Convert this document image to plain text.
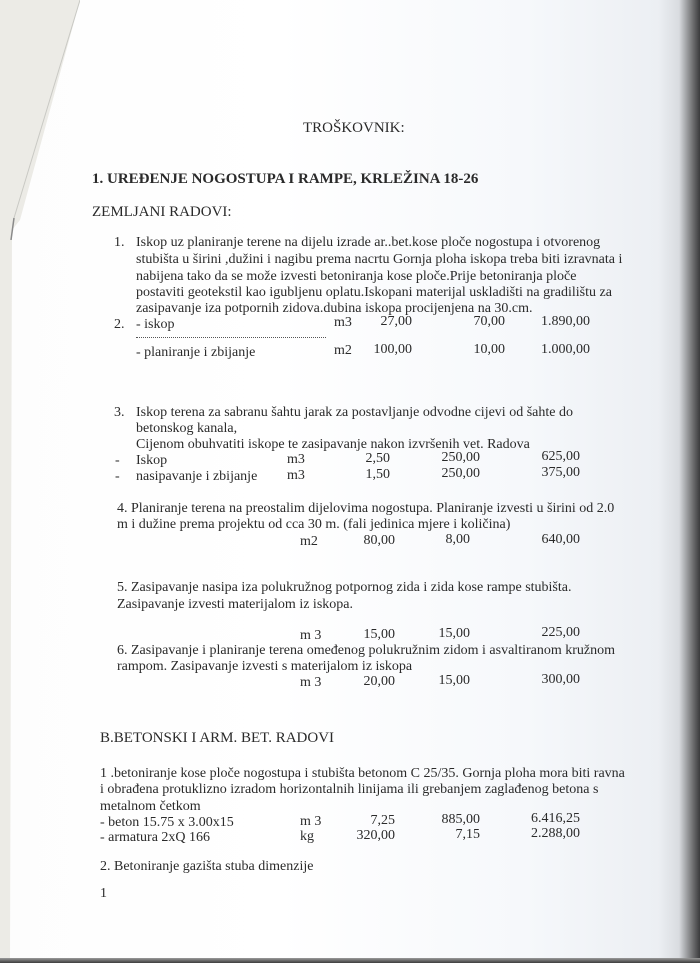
TROŠKOVNIK:
1. UREĐENJE NOGOSTUPA I RAMPE, KRLEŽINA 18-26
ZEMLJANI RADOVI:
1. Iskop uz planiranje terene na dijelu izrade ar..bet.kose ploče nogostupa i otvorenog
stubišta u širini ,dužini i nagibu prema nacrtu Gornja ploha iskopa treba biti izravnata i
nabijena tako da se može izvesti betoniranja kose ploče.Prije betoniranja ploče
postaviti geotekstil kao igubljenu oplatu.Iskopani materijal uskladišti na gradilištu za
zasipavanje iza potpornih zidova.dubina iskopa procijenjena na 30.cm.
2. - iskop	m3	27,00	70,00	1.890,00
- planiranje i zbijanje	m2	100,00	10,00	1.000,00
3. Iskop terena za sabranu šahtu jarak za postavljanje odvodne cijevi od šahte do
betonskog kanala,
Cijenom obuhvatiti iskope te zasipavanje nakon izvršenih vet. Radova
- Iskop	m3	2,50	250,00	625,00
- nasipavanje i zbijanje m3	1,50	250,00	375,00
4. Planiranje terena na preostalim dijelovima nogostupa. Planiranje izvesti u širini od 2.0
m i dužine prema projektu od cca 30 m. (fali jedinica mjere i količina)
m2	80,00	8,00	640,00
5. Zasipavanje nasipa iza polukružnog potpornog zida i zida kose rampe stubišta.
Zasipavanje izvesti materijalom iz iskopa.
m 3	15,00	15,00	225,00
6. Zasipavanje i planiranje terena omeđenog polukružnim zidom i asvaltiranom kružnom
rampom. Zasipavanje izvesti s materijalom iz iskopa
m 3	20,00	15,00	300,00
B.BETONSKI I ARM. BET. RADOVI
1 .betoniranje kose ploče nogostupa i stubišta betonom C 25/35. Gornja ploha mora biti ravna
i obrađena protuklizno izradom horizontalnih linijama ili grebanjem zaglađenog betona s
metalnom četkom
- beton 15.75 x 3.00x15	m 3	7,25	885,00	6.416,25
- armatura 2xQ 166	kg	320,00	7,15	2.288,00
2. Betoniranje gazišta stuba dimenzije
1
